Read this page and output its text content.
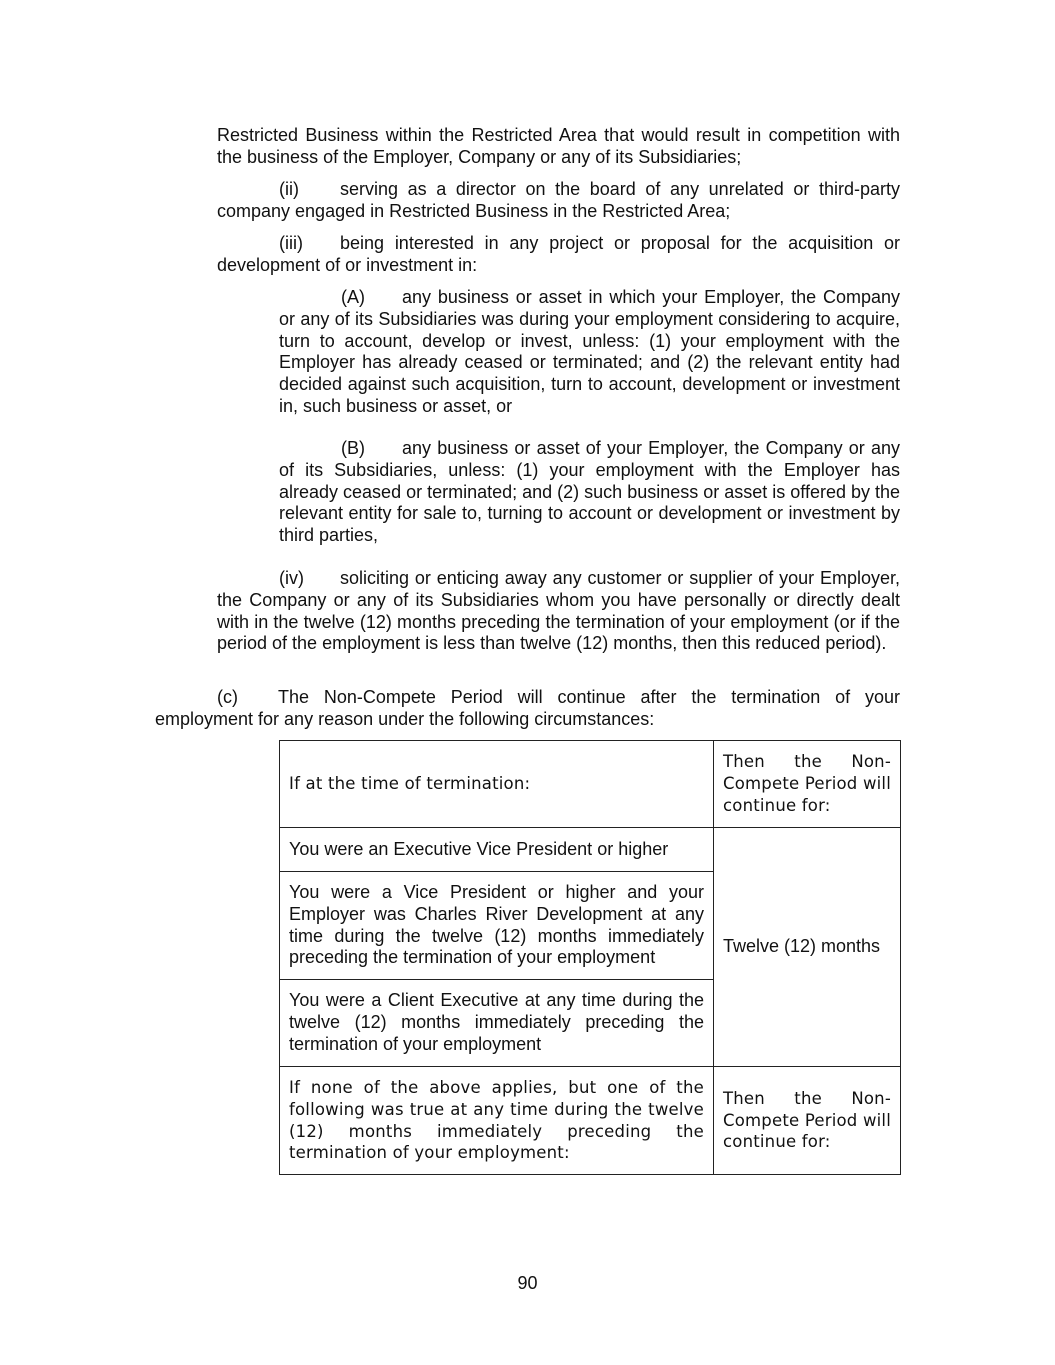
Restricted Business within the Restricted Area that would result in competition with the business of the Employer, Company or any of its Subsidiaries;

(ii) serving as a director on the board of any unrelated or third-party company engaged in Restricted Business in the Restricted Area;

(iii) being interested in any project or proposal for the acquisition or development of or investment in:

(A) any business or asset in which your Employer, the Company or any of its Subsidiaries was during your employment considering to acquire, turn to account, develop or invest, unless: (1) your employment with the Employer has already ceased or terminated; and (2) the relevant entity had decided against such acquisition, turn to account, development or investment in, such business or asset, or

(B) any business or asset of your Employer, the Company or any of its Subsidiaries, unless: (1) your employment with the Employer has already ceased or terminated; and (2) such business or asset is offered by the relevant entity for sale to, turning to account or development or investment by third parties,

(iv) soliciting or enticing away any customer or supplier of your Employer, the Company or any of its Subsidiaries whom you have personally or directly dealt with in the twelve (12) months preceding the termination of your employment (or if the period of the employment is less than twelve (12) months, then this reduced period).

(c) The Non-Compete Period will continue after the termination of your employment for any reason under the following circumstances:

If at the time of termination:	Then the Non-Compete Period will continue for:
You were an Executive Vice President or higher	Twelve (12) months
You were a Vice President or higher and your Employer was Charles River Development at any time during the twelve (12) months immediately preceding the termination of your employment	
You were a Client Executive at any time during the twelve (12) months immediately preceding the termination of your employment	
If none of the above applies, but one of the following was true at any time during the twelve (12) months immediately preceding the termination of your employment:	Then the Non-Compete Period will continue for:
90
